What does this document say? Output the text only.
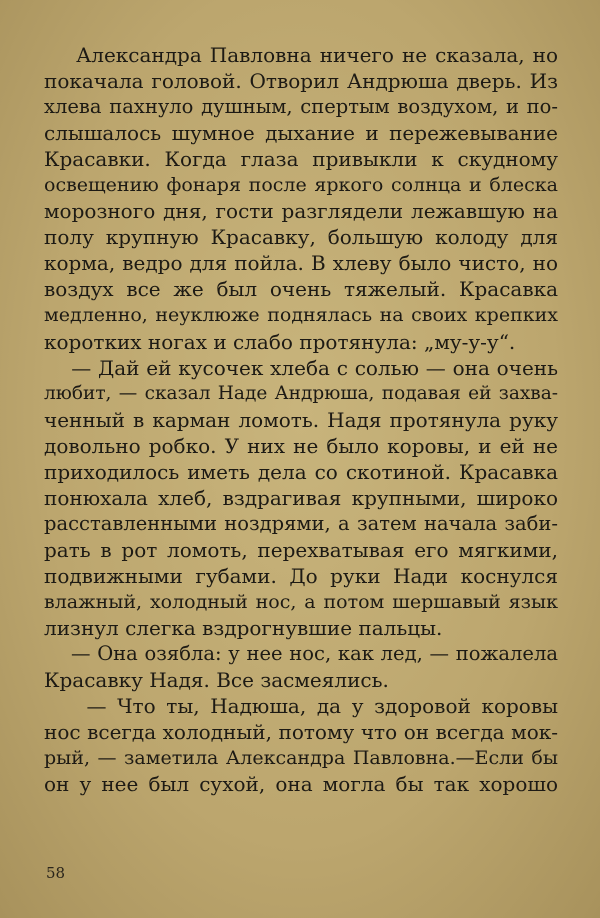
Александра Павловна ничего не сказала, но
покачала головой. Отворил Андрюша дверь. Из
хлева пахнуло душным, спертым воздухом, и по-
слышалось шумное дыхание и пережевывание
Красавки. Когда глаза привыкли к скудному
освещению фонаря после яркого солнца и блеска
морозного дня, гости разглядели лежавшую на
полу крупную Красавку, большую колоду для
корма, ведро для пойла. В хлеву было чисто, но
воздух все же был очень тяжелый. Красавка
медленно, неуклюже поднялась на своих крепких
коротких ногах и слабо протянула: „му-у-у“.
— Дай ей кусочек хлеба с солью — она очень
любит, — сказал Наде Андрюша, подавая ей захва-
ченный в карман ломоть. Надя протянула руку
довольно робко. У них не было коровы, и ей не
приходилось иметь дела со скотиной. Красавка
понюхала хлеб, вздрагивая крупными, широко
расставленными ноздрями, а затем начала заби-
рать в рот ломоть, перехватывая его мягкими,
подвижными губами. До руки Нади коснулся
влажный, холодный нос, а потом шершавый язык
лизнул слегка вздрогнувшие пальцы.
— Она озябла: у нее нос, как лед, — пожалела
Красавку Надя. Все засмеялись.
— Что ты, Надюша, да у здоровой коровы
нос всегда холодный, потому что он всегда мок-
рый, — заметила Александра Павловна.—Если бы
он у нее был сухой, она могла бы так хорошо
58
